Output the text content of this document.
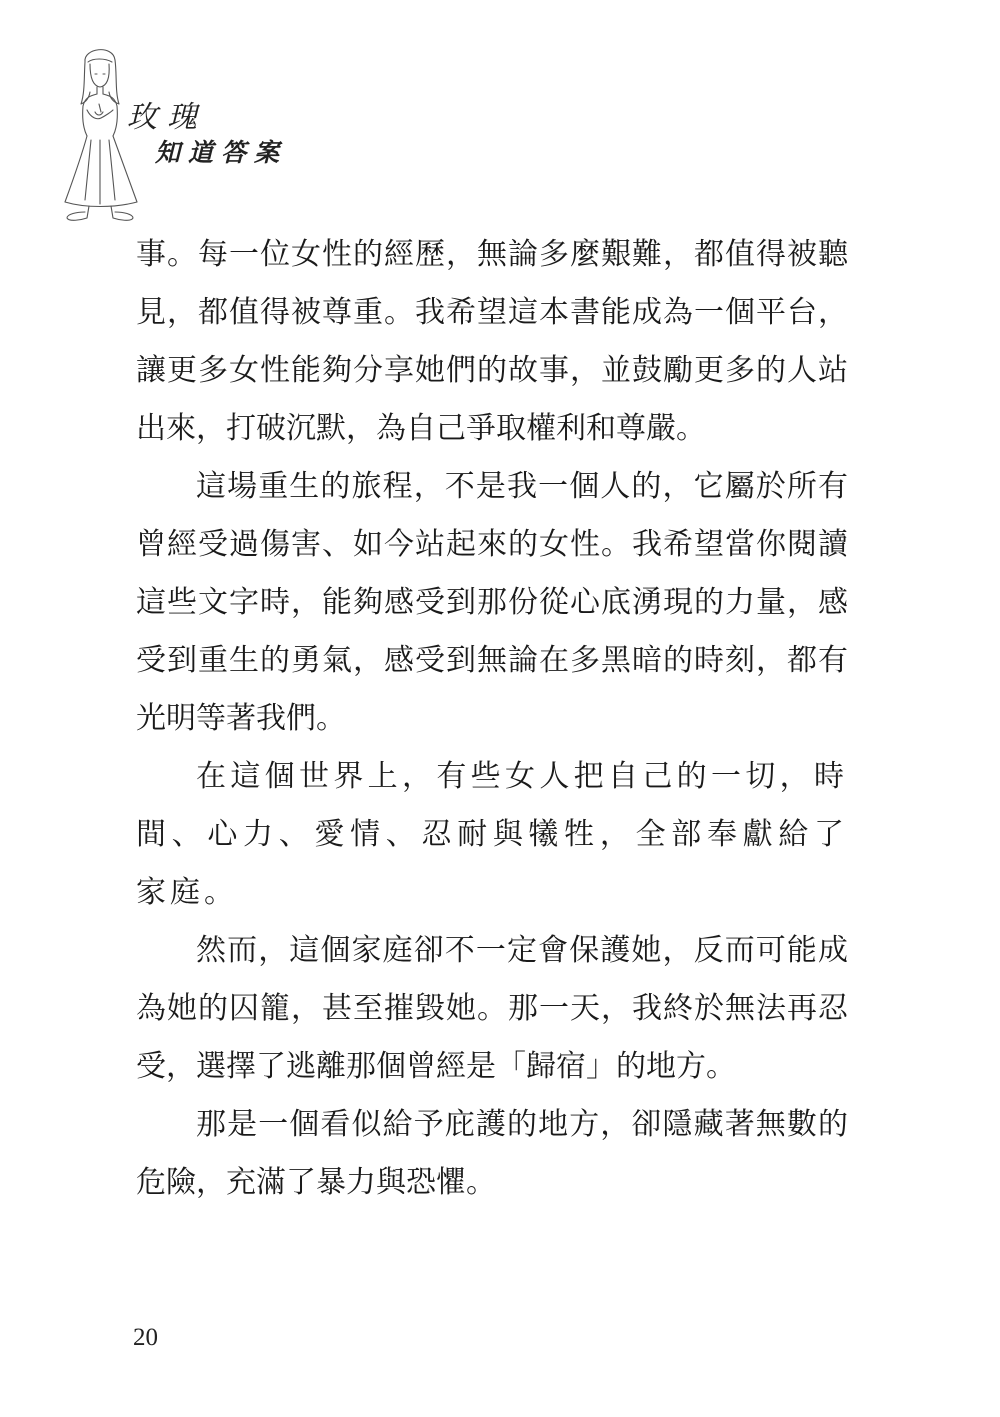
玫瑰
知道答案

事。每一位女性的經歷，無論多麼艱難，都值得被聽見，都值得被尊重。我希望這本書能成為一個平台，讓更多女性能夠分享她們的故事，並鼓勵更多的人站出來，打破沉默，為自己爭取權利和尊嚴。

這場重生的旅程，不是我一個人的，它屬於所有曾經受過傷害、如今站起來的女性。我希望當你閱讀這些文字時，能夠感受到那份從心底湧現的力量，感受到重生的勇氣，感受到無論在多黑暗的時刻，都有光明等著我們。

在這個世界上，有些女人把自己的一切，時間、心力、愛情、忍耐與犧牲，全部奉獻給了家庭。

然而，這個家庭卻不一定會保護她，反而可能成為她的囚籠，甚至摧毀她。那一天，我終於無法再忍受，選擇了逃離那個曾經是「歸宿」的地方。

那是一個看似給予庇護的地方，卻隱藏著無數的危險，充滿了暴力與恐懼。

20
